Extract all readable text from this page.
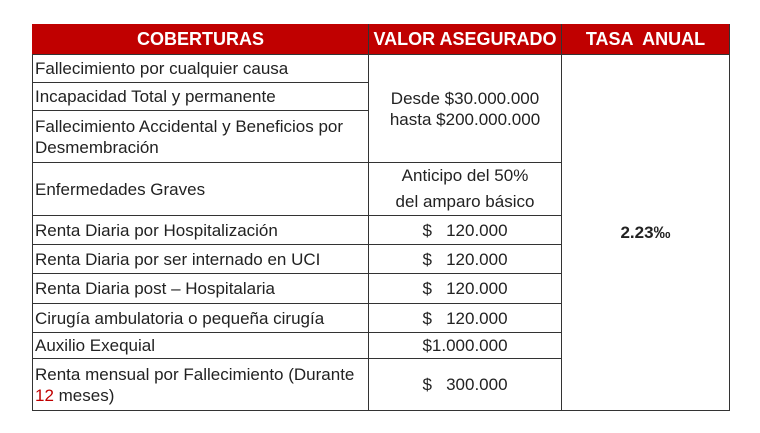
COBERTURAS	VALOR ASEGURADO	TASA  ANUAL
Fallecimiento por cualquier causa	Desde $30.000.000 hasta $200.000.000	2.23‰
Incapacidad Total y permanente		
Fallecimiento Accidental y Beneficios por Desmembración		
Enfermedades Graves	Anticipo del 50% del amparo básico	
Renta Diaria por Hospitalización	$   120.000	
Renta Diaria por ser internado en UCI	$   120.000	
Renta Diaria post – Hospitalaria	$   120.000	
Cirugía ambulatoria o pequeña cirugía	$   120.000	
Auxilio Exequial	$1.000.000	
Renta mensual por Fallecimiento (Durante 12 meses)	$   300.000	
